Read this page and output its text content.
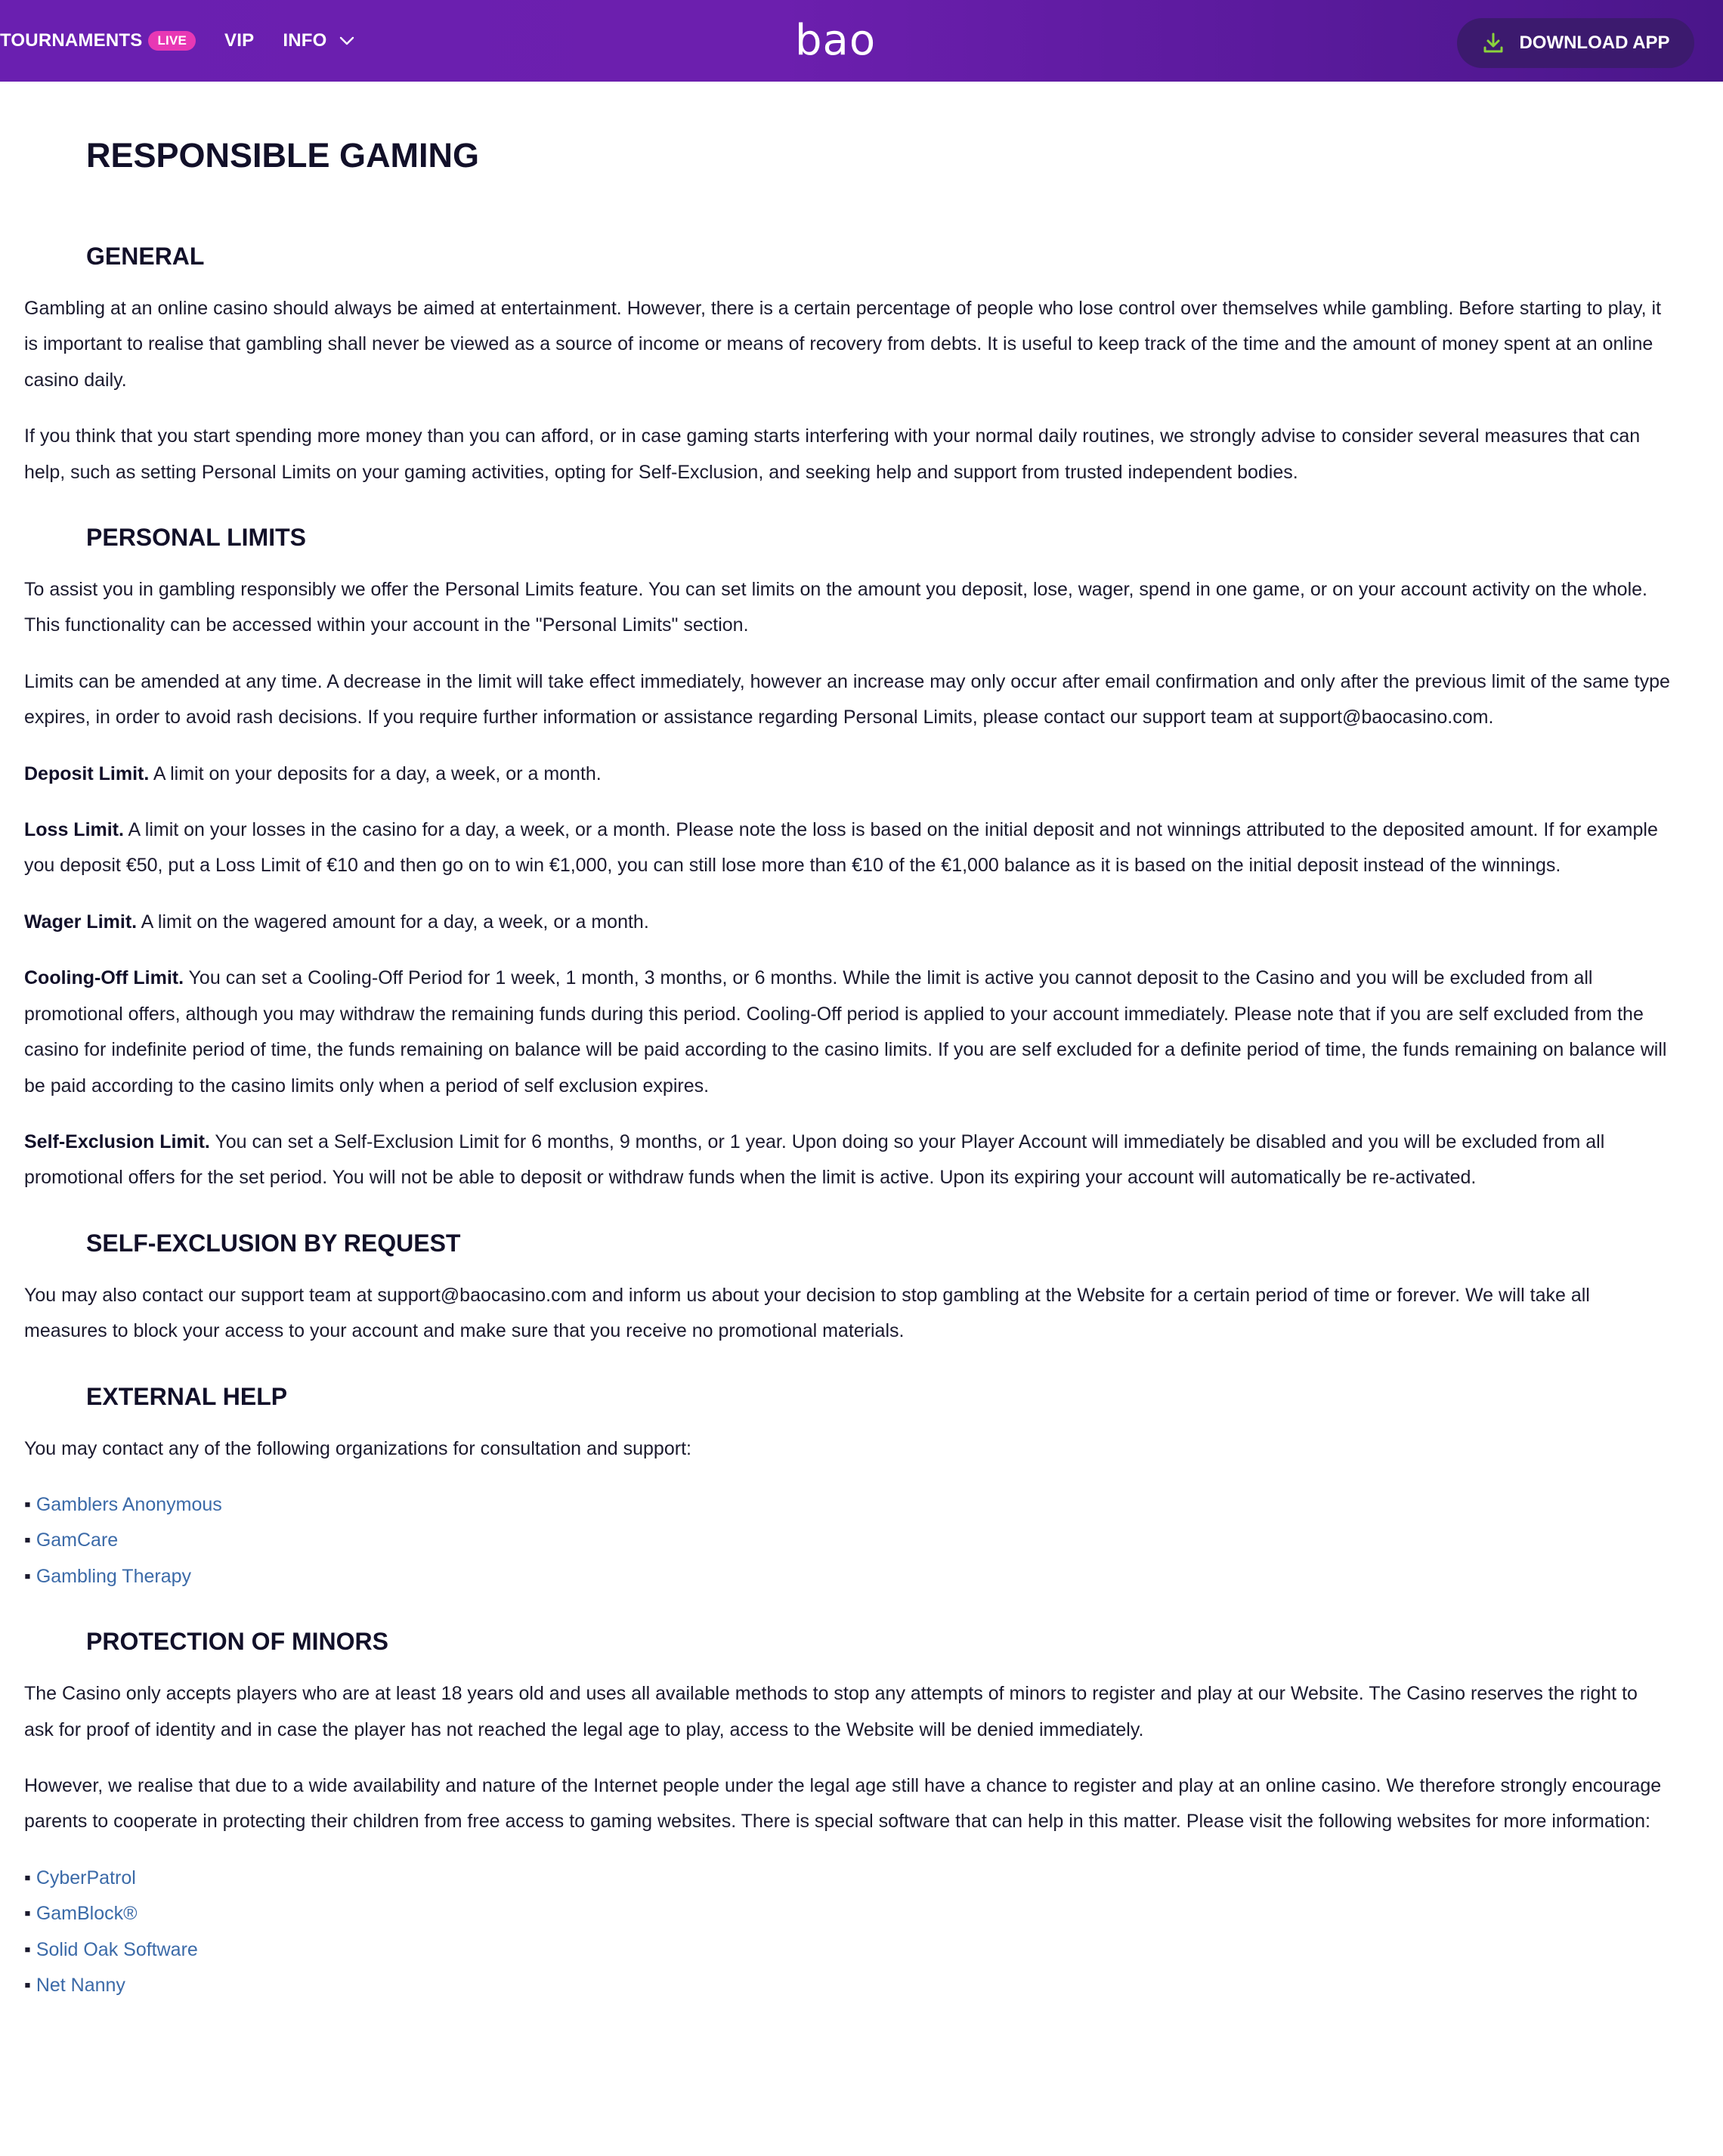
TOURNAMENTS	LIVE	VIP INFO	bao	DOWNLOAD APP
RESPONSIBLE GAMING
GENERAL

Gambling at an online casino should always be aimed at entertainment. However, there is a certain percentage of people who lose control over themselves while gambling. Before starting to play, it is important to realise that gambling shall never be viewed as a source of income or means of recovery from debts. It is useful to keep track of the time and the amount of money spent at an online casino daily.

If you think that you start spending more money than you can afford, or in case gaming starts interfering with your normal daily routines, we strongly advise to consider several measures that can help, such as setting Personal Limits on your gaming activities, opting for Self-Exclusion, and seeking help and support from trusted independent bodies.

PERSONAL LIMITS

To assist you in gambling responsibly we offer the Personal Limits feature. You can set limits on the amount you deposit, lose, wager, spend in one game, or on your account activity on the whole. This functionality can be accessed within your account in the "Personal Limits" section.

Limits can be amended at any time. A decrease in the limit will take effect immediately, however an increase may only occur after email confirmation and only after the previous limit of the same type expires, in order to avoid rash decisions. If you require further information or assistance regarding Personal Limits, please contact our support team at support@baocasino.com.

Deposit Limit. A limit on your deposits for a day, a week, or a month.

Loss Limit. A limit on your losses in the casino for a day, a week, or a month. Please note the loss is based on the initial deposit and not winnings attributed to the deposited amount. If for example you deposit €50, put a Loss Limit of €10 and then go on to win €1,000, you can still lose more than €10 of the €1,000 balance as it is based on the initial deposit instead of the winnings.

Wager Limit. A limit on the wagered amount for a day, a week, or a month.

Cooling-Off Limit. You can set a Cooling-Off Period for 1 week, 1 month, 3 months, or 6 months. While the limit is active you cannot deposit to the Casino and you will be excluded from all promotional offers, although you may withdraw the remaining funds during this period. Cooling-Off period is applied to your account immediately. Please note that if you are self excluded from the casino for indefinite period of time, the funds remaining on balance will be paid according to the casino limits. If you are self excluded for a definite period of time, the funds remaining on balance will be paid according to the casino limits only when a period of self exclusion expires.

Self-Exclusion Limit. You can set a Self-Exclusion Limit for 6 months, 9 months, or 1 year. Upon doing so your Player Account will immediately be disabled and you will be excluded from all promotional offers for the set period. You will not be able to deposit or withdraw funds when the limit is active. Upon its expiring your account will automatically be re-activated.

SELF-EXCLUSION BY REQUEST

You may also contact our support team at support@baocasino.com and inform us about your decision to stop gambling at the Website for a certain period of time or forever. We will take all measures to block your access to your account and make sure that you receive no promotional materials.

EXTERNAL HELP

You may contact any of the following organizations for consultation and support:

▪ Gamblers Anonymous
▪ GamCare
▪ Gambling Therapy
PROTECTION OF MINORS

The Casino only accepts players who are at least 18 years old and uses all available methods to stop any attempts of minors to register and play at our Website. The Casino reserves the right to ask for proof of identity and in case the player has not reached the legal age to play, access to the Website will be denied immediately.

However, we realise that due to a wide availability and nature of the Internet people under the legal age still have a chance to register and play at an online casino. We therefore strongly encourage parents to cooperate in protecting their children from free access to gaming websites. There is special software that can help in this matter. Please visit the following websites for more information:

▪ CyberPatrol
▪ GamBlock®
▪ Solid Oak Software
▪ Net Nanny
